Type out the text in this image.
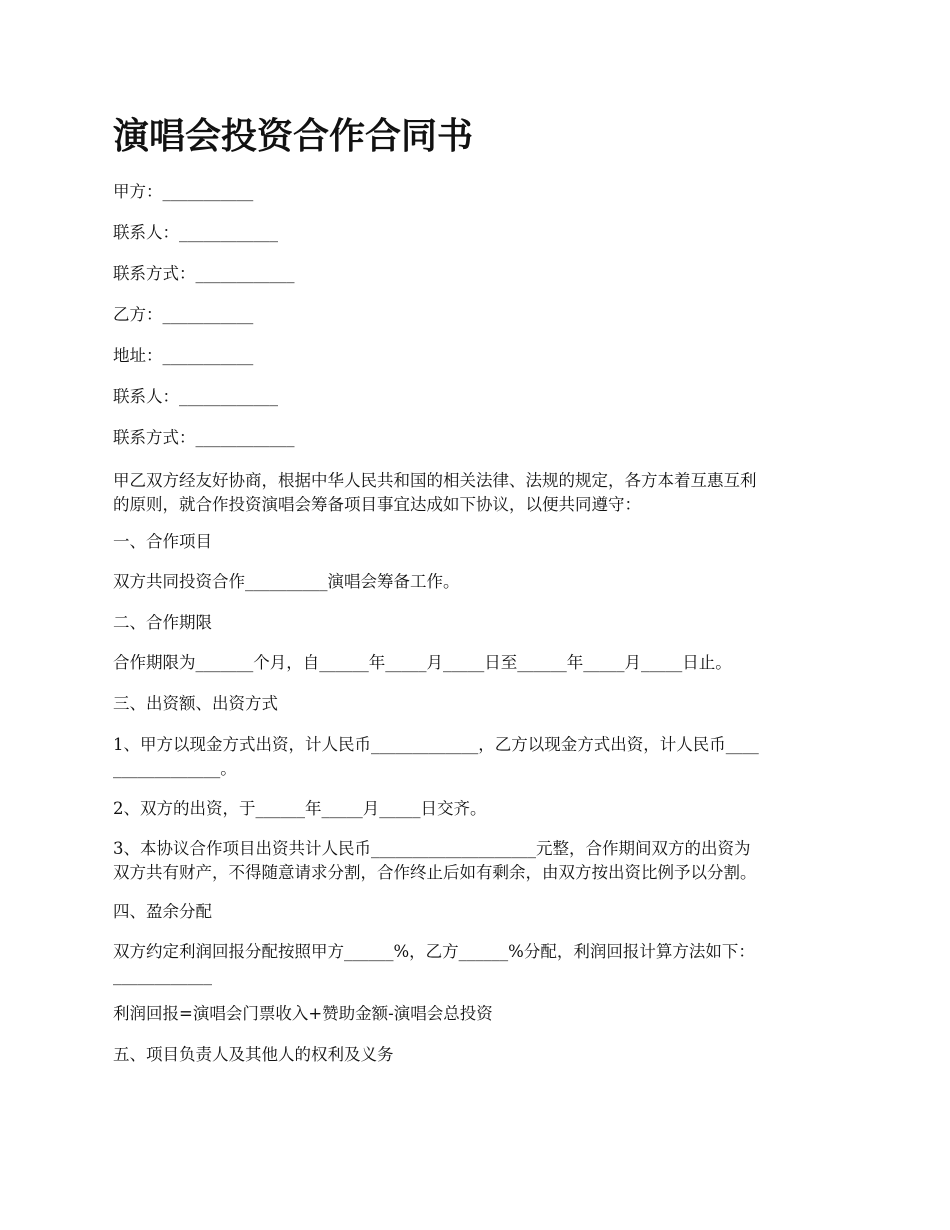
演唱会投资合作合同书

甲方：___________

联系人：____________

联系方式：____________

乙方：___________

地址：___________

联系人：____________

联系方式：____________

甲乙双方经友好协商，根据中华人民共和国的相关法律、法规的规定，各方本着互惠互利
的原则，就合作投资演唱会筹备项目事宜达成如下协议，以便共同遵守：

一、合作项目

双方共同投资合作__________演唱会筹备工作。

二、合作期限

合作期限为_______个月，自______年_____月_____日至______年_____月_____日止。

三、出资额、出资方式

1、甲方以现金方式出资，计人民币_____________，乙方以现金方式出资，计人民币____
_____________。

2、双方的出资，于______年_____月_____日交齐。

3、本协议合作项目出资共计人民币____________________元整，合作期间双方的出资为
双方共有财产，不得随意请求分割，合作终止后如有剩余，由双方按出资比例予以分割。

四、盈余分配

双方约定利润回报分配按照甲方______%，乙方______%分配，利润回报计算方法如下：
____________

利润回报=演唱会门票收入+赞助金额-演唱会总投资

五、项目负责人及其他人的权利及义务
